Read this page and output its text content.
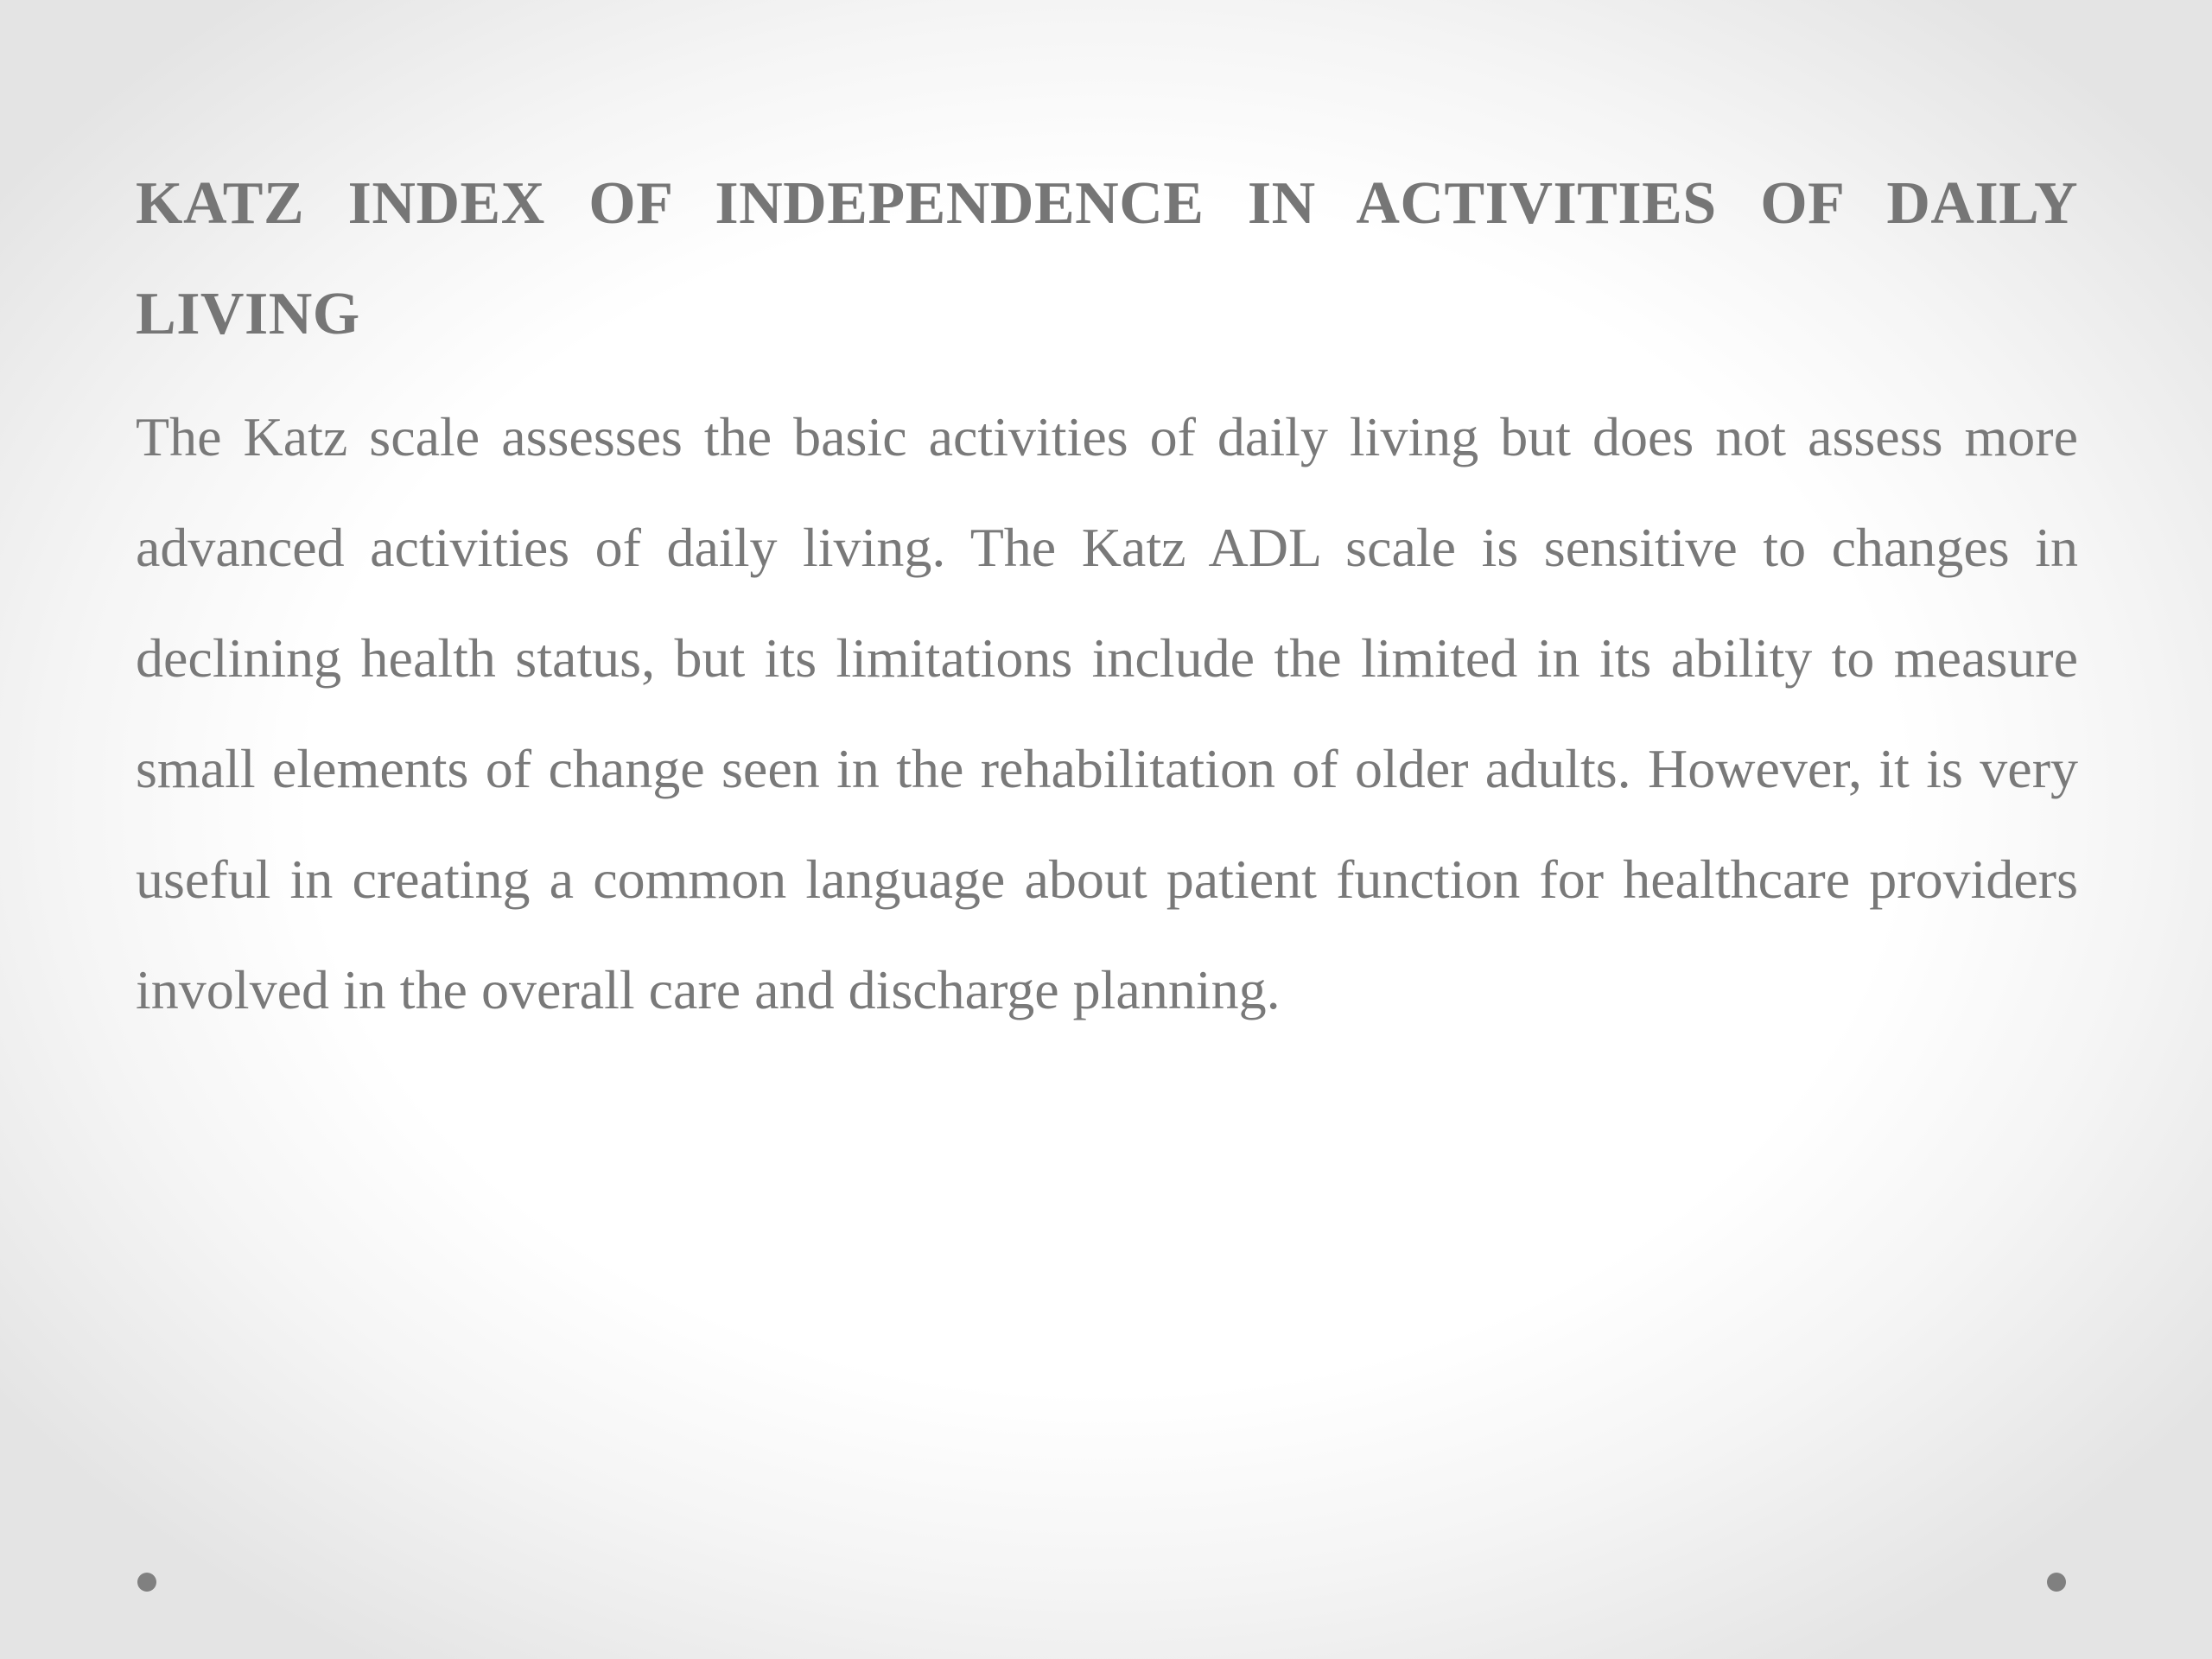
KATZ INDEX OF INDEPENDENCE IN ACTIVITIES OF DAILY LIVING

The Katz scale assesses the basic activities of daily living but does not assess more advanced activities of daily living. The Katz ADL scale is sensitive to changes in declining health status, but its limitations include the limited in its ability to measure small elements of change seen in the rehabilitation of older adults. However, it is very useful in creating a common language about patient function for healthcare providers involved in the overall care and discharge planning.
